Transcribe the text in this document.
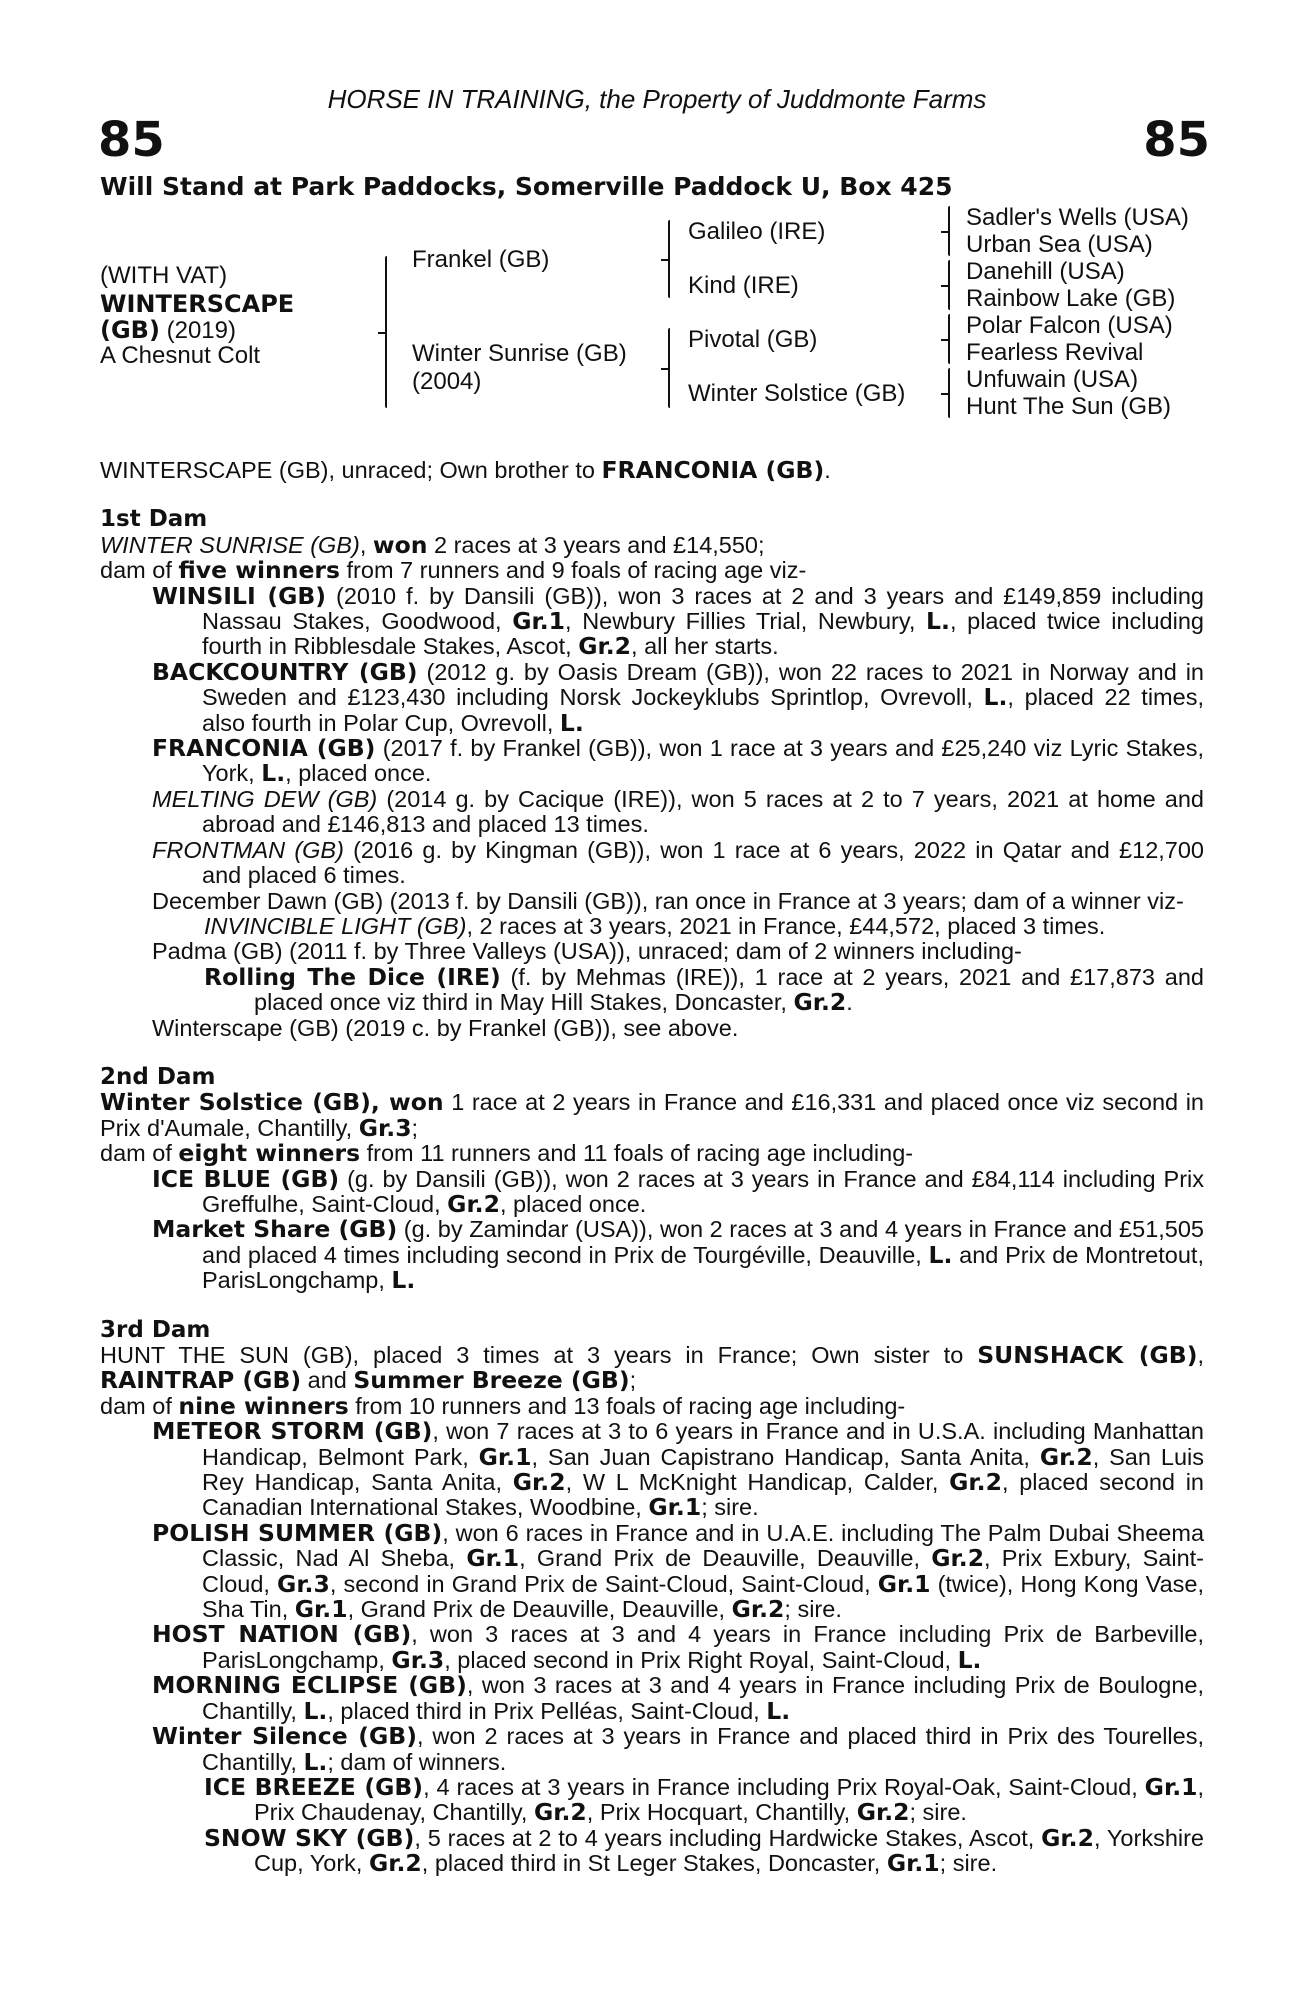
HORSE IN TRAINING, the Property of Juddmonte Farms
85	85
Will Stand at Park Paddocks, Somerville Paddock U, Box 425
(WITH VAT)
WINTERSCAPE
(GB) (2019)
A Chesnut Colt
Frankel (GB)
Winter Sunrise (GB)
(2004)
Galileo (IRE)
Kind (IRE)
Pivotal (GB)
Winter Solstice (GB)
Sadler's Wells (USA)
Urban Sea (USA)
Danehill (USA)
Rainbow Lake (GB)
Polar Falcon (USA)
Fearless Revival
Unfuwain (USA)
Hunt The Sun (GB)

WINTERSCAPE (GB), unraced; Own brother to FRANCONIA (GB).

1st Dam

WINTER SUNRISE (GB), won 2 races at 3 years and £14,550;

dam of five winners from 7 runners and 9 foals of racing age viz-

WINSILI (GB) (2010 f. by Dansili (GB)), won 3 races at 2 and 3 years and £149,859 including Nassau Stakes, Goodwood, Gr.1, Newbury Fillies Trial, Newbury, L., placed twice including fourth in Ribblesdale Stakes, Ascot, Gr.2, all her starts.

BACKCOUNTRY (GB) (2012 g. by Oasis Dream (GB)), won 22 races to 2021 in Norway and in Sweden and £123,430 including Norsk Jockeyklubs Sprintlop, Ovrevoll, L., placed 22 times, also fourth in Polar Cup, Ovrevoll, L.

FRANCONIA (GB) (2017 f. by Frankel (GB)), won 1 race at 3 years and £25,240 viz Lyric Stakes, York, L., placed once.

MELTING DEW (GB) (2014 g. by Cacique (IRE)), won 5 races at 2 to 7 years, 2021 at home and abroad and £146,813 and placed 13 times.

FRONTMAN (GB) (2016 g. by Kingman (GB)), won 1 race at 6 years, 2022 in Qatar and £12,700 and placed 6 times.

December Dawn (GB) (2013 f. by Dansili (GB)), ran once in France at 3 years; dam of a winner viz-

INVINCIBLE LIGHT (GB), 2 races at 3 years, 2021 in France, £44,572, placed 3 times.

Padma (GB) (2011 f. by Three Valleys (USA)), unraced; dam of 2 winners including-

Rolling The Dice (IRE) (f. by Mehmas (IRE)), 1 race at 2 years, 2021 and £17,873 and placed once viz third in May Hill Stakes, Doncaster, Gr.2.

Winterscape (GB) (2019 c. by Frankel (GB)), see above.

2nd Dam

Winter Solstice (GB), won 1 race at 2 years in France and £16,331 and placed once viz second in Prix d'Aumale, Chantilly, Gr.3;

dam of eight winners from 11 runners and 11 foals of racing age including-

ICE BLUE (GB) (g. by Dansili (GB)), won 2 races at 3 years in France and £84,114 including Prix Greffulhe, Saint-Cloud, Gr.2, placed once.

Market Share (GB) (g. by Zamindar (USA)), won 2 races at 3 and 4 years in France and £51,505 and placed 4 times including second in Prix de Tourgéville, Deauville, L. and Prix de Montretout, ParisLongchamp, L.

3rd Dam

HUNT THE SUN (GB), placed 3 times at 3 years in France; Own sister to SUNSHACK (GB), RAINTRAP (GB) and Summer Breeze (GB);

dam of nine winners from 10 runners and 13 foals of racing age including-

METEOR STORM (GB), won 7 races at 3 to 6 years in France and in U.S.A. including Manhattan Handicap, Belmont Park, Gr.1, San Juan Capistrano Handicap, Santa Anita, Gr.2, San Luis Rey Handicap, Santa Anita, Gr.2, W L McKnight Handicap, Calder, Gr.2, placed second in Canadian International Stakes, Woodbine, Gr.1; sire.

POLISH SUMMER (GB), won 6 races in France and in U.A.E. including The Palm Dubai Sheema Classic, Nad Al Sheba, Gr.1, Grand Prix de Deauville, Deauville, Gr.2, Prix Exbury, Saint-Cloud, Gr.3, second in Grand Prix de Saint-Cloud, Saint-Cloud, Gr.1 (twice), Hong Kong Vase, Sha Tin, Gr.1, Grand Prix de Deauville, Deauville, Gr.2; sire.

HOST NATION (GB), won 3 races at 3 and 4 years in France including Prix de Barbeville, ParisLongchamp, Gr.3, placed second in Prix Right Royal, Saint-Cloud, L.

MORNING ECLIPSE (GB), won 3 races at 3 and 4 years in France including Prix de Boulogne, Chantilly, L., placed third in Prix Pelléas, Saint-Cloud, L.

Winter Silence (GB), won 2 races at 3 years in France and placed third in Prix des Tourelles, Chantilly, L.; dam of winners.

ICE BREEZE (GB), 4 races at 3 years in France including Prix Royal-Oak, Saint-Cloud, Gr.1, Prix Chaudenay, Chantilly, Gr.2, Prix Hocquart, Chantilly, Gr.2; sire.

SNOW SKY (GB), 5 races at 2 to 4 years including Hardwicke Stakes, Ascot, Gr.2, Yorkshire Cup, York, Gr.2, placed third in St Leger Stakes, Doncaster, Gr.1; sire.
